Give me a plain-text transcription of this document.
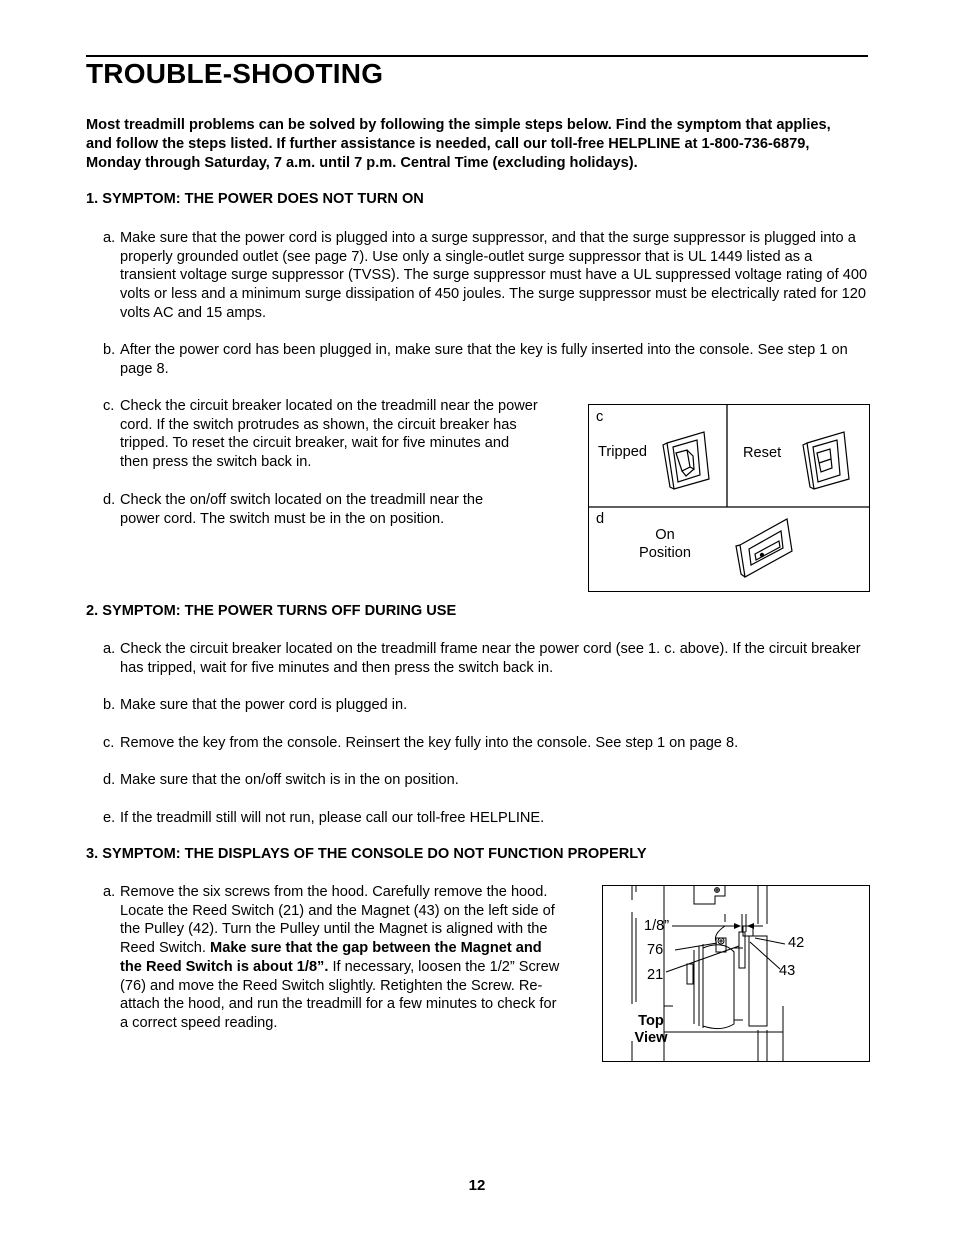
TROUBLE-SHOOTING

Most treadmill problems can be solved by following the simple steps below. Find the symptom that applies, and follow the steps listed. If further assistance is needed, call our toll-free HELPLINE at 1-800-736-6879, Monday through Saturday, 7 a.m. until 7 p.m. Central Time (excluding holidays).

1. SYMPTOM: THE POWER DOES NOT TURN ON

a. Make sure that the power cord is plugged into a surge suppressor, and that the surge suppressor is plugged into a properly grounded outlet (see page 7). Use only a single-outlet surge suppressor that is UL 1449 listed as a transient voltage surge suppressor (TVSS). The surge suppressor must have a UL suppressed voltage rating of 400 volts or less and a minimum surge dissipation of 450 joules. The surge suppressor must be electrically rated for 120 volts AC and 15 amps.
b. After the power cord has been plugged in, make sure that the key is fully inserted into the console. See step 1 on page 8.
c. Check the circuit breaker located on the treadmill near the power cord. If the switch protrudes as shown, the circuit breaker has tripped. To reset the circuit breaker, wait for five minutes and then press the switch back in.
d. Check the on/off switch located on the treadmill near the power cord. The switch must be in the on position.
c
Tripped	Reset
d
On
Position

2. SYMPTOM: THE POWER TURNS OFF DURING USE

a. Check the circuit breaker located on the treadmill frame near the power cord (see 1. c. above). If the circuit breaker has tripped, wait for five minutes and then press the switch back in.
b. Make sure that the power cord is plugged in.
c. Remove the key from the console. Reinsert the key fully into the console. See step 1 on page 8.
d. Make sure that the on/off switch is in the on position.
e. If the treadmill still will not run, please call our toll-free HELPLINE.

3. SYMPTOM: THE DISPLAYS OF THE CONSOLE DO NOT FUNCTION PROPERLY

a. Remove the six screws from the hood. Carefully remove the hood. Locate the Reed Switch (21) and the Magnet (43) on the left side of the Pulley (42). Turn the Pulley until the Magnet is aligned with the Reed Switch. Make sure that the gap between the Magnet and the Reed Switch is about 1/8”. If necessary, loosen the 1/2” Screw (76) and move the Reed Switch slightly. Retighten the Screw. Re-attach the hood, and run the treadmill for a few minutes to check for a correct speed reading.
1/8”
76
21
42
43
Top
View
12
